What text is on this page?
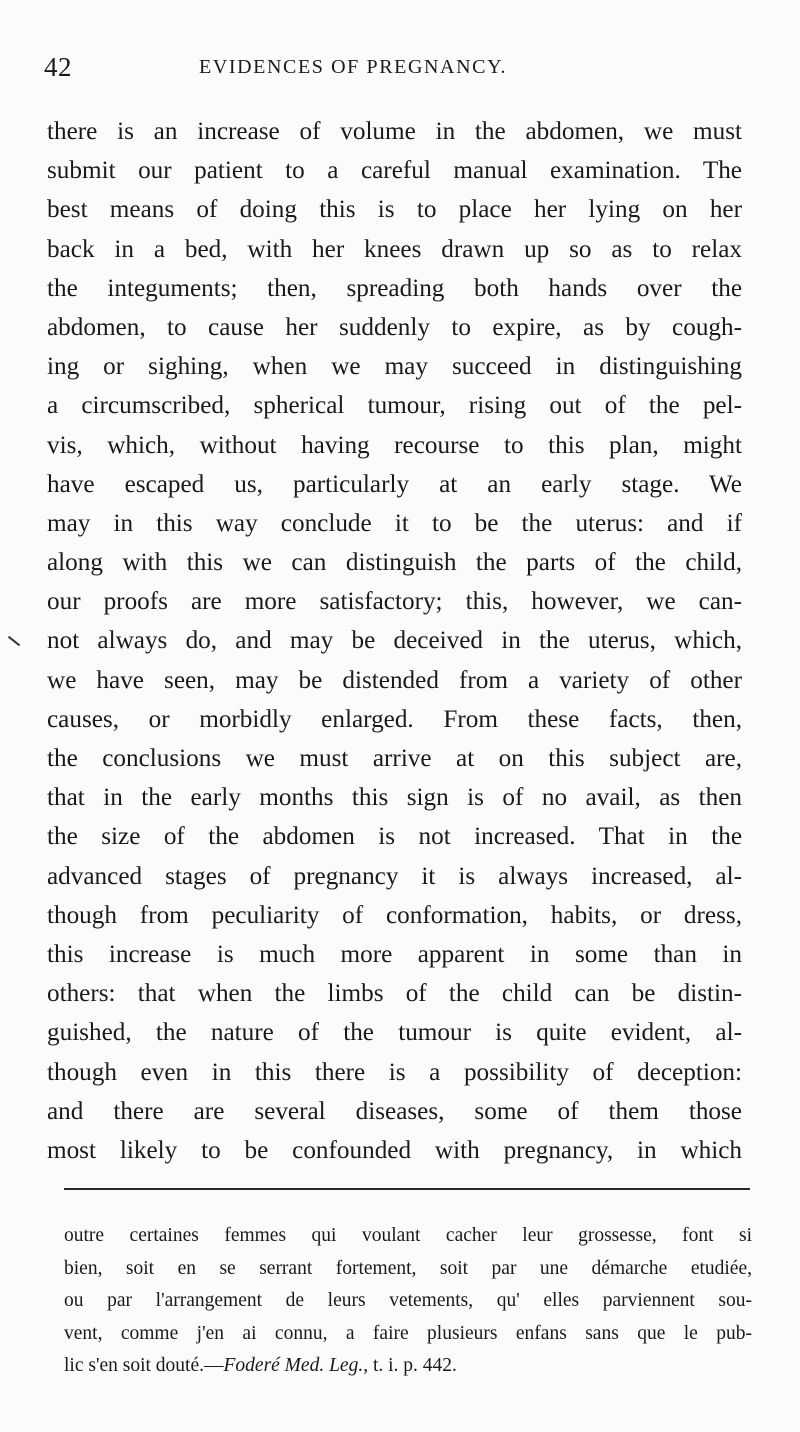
42	EVIDENCES OF PREGNANCY.
there is an increase of volume in the abdomen, we must
submit our patient to a careful manual examination. The
best means of doing this is to place her lying on her
back in a bed, with her knees drawn up so as to relax
the integuments; then, spreading both hands over the
abdomen, to cause her suddenly to expire, as by cough-
ing or sighing, when we may succeed in distinguishing
a circumscribed, spherical tumour, rising out of the pel-
vis, which, without having recourse to this plan, might
have escaped us, particularly at an early stage. We
may in this way conclude it to be the uterus: and if
along with this we can distinguish the parts of the child,
our proofs are more satisfactory; this, however, we can-
not always do, and may be deceived in the uterus, which,
we have seen, may be distended from a variety of other
causes, or morbidly enlarged. From these facts, then,
the conclusions we must arrive at on this subject are,
that in the early months this sign is of no avail, as then
the size of the abdomen is not increased. That in the
advanced stages of pregnancy it is always increased, al-
though from peculiarity of conformation, habits, or dress,
this increase is much more apparent in some than in
others: that when the limbs of the child can be distin-
guished, the nature of the tumour is quite evident, al-
though even in this there is a possibility of deception:
and there are several diseases, some of them those
most likely to be confounded with pregnancy, in which
outre certaines femmes qui voulant cacher leur grossesse, font si
bien, soit en se serrant fortement, soit par une démarche etudiée,
ou par l'arrangement de leurs vetements, qu' elles parviennent sou-
vent, comme j'en ai connu, a faire plusieurs enfans sans que le pub-
lic s'en soit douté.—Foderé Med. Leg., t. i. p. 442.
